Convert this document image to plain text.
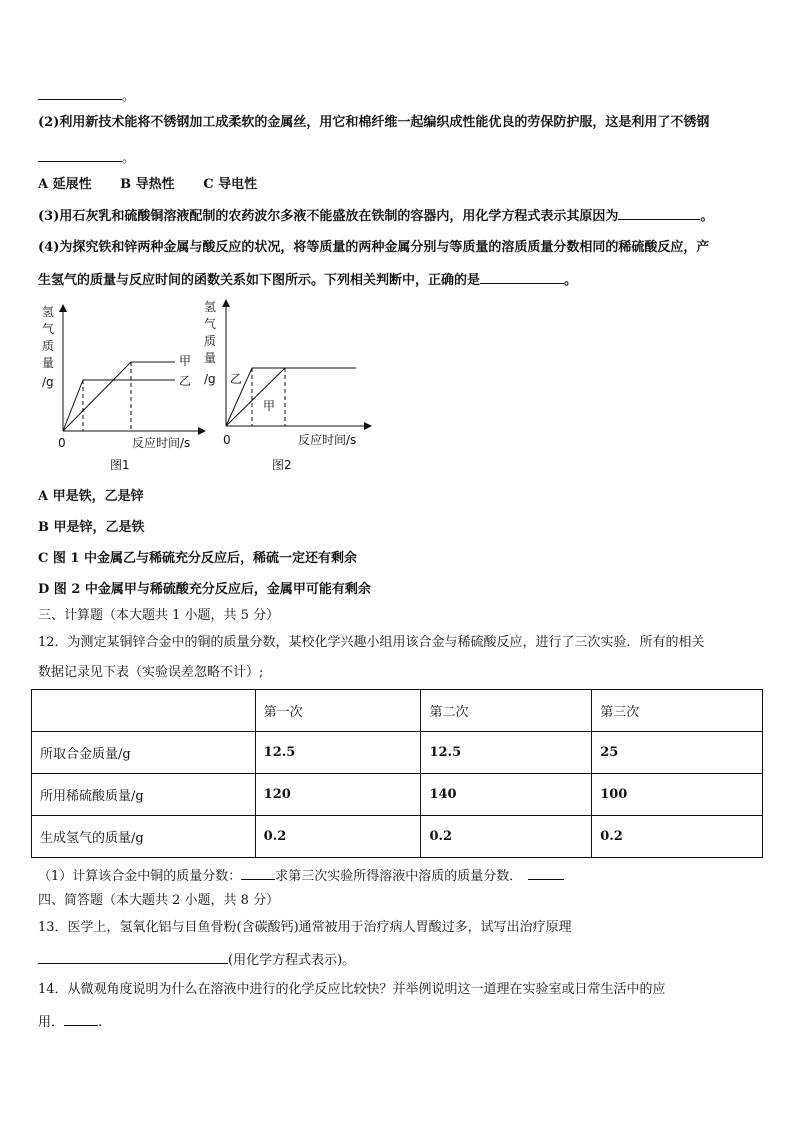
。
(2)利用新技术能将不锈钢加工成柔软的金属丝，用它和棉纤维一起编织成性能优良的劳保防护服，这是利用了不锈钢
。
A 延展性 B 导热性 C 导电性
(3)用石灰乳和硫酸铜溶液配制的农药波尔多液不能盛放在铁制的容器内，用化学方程式表示其原因为	。
(4)为探究铁和锌两种金属与酸反应的状况，将等质量的两种金属分别与等质量的溶质质量分数相同的稀硫酸反应，产
生氢气的质量与反应时间的函数关系如下图所示。下列相关判断中，正确的是	。
氢
气
质
量
/g
甲
乙
0	反应时间/s
图1
氢
气
质
量
/g 乙
甲
0	反应时间/s
图2
A 甲是铁，乙是锌
B 甲是锌，乙是铁
C 图 1 中金属乙与稀硫充分反应后，稀硫一定还有剩余
D 图 2 中金属甲与稀硫酸充分反应后，金属甲可能有剩余
三、计算题（本大题共 1 小题，共 5 分）
12．为测定某铜锌合金中的铜的质量分数，某校化学兴趣小组用该合金与稀硫酸反应，进行了三次实验．所有的相关
数据记录见下表（实验误差忽略不计）;
	第一次	第二次	第三次
所取合金质量/g	12.5	12.5	25
所用稀硫酸质量/g	120	140	100
生成氢气的质量/g	0.2	0.2	0.2
（1）计算该合金中铜的质量分数：	求第三次实验所得溶液中溶质的质量分数．
四、简答题（本大题共 2 小题，共 8 分）
13．医学上，氢氧化铝与目鱼骨粉(含碳酸钙)通常被用于治疗病人胃酸过多，试写出治疗原理
(用化学方程式表示)。
14．从微观角度说明为什么在溶液中进行的化学反应比较快？并举例说明这一道理在实验室或日常生活中的应
用．	.
